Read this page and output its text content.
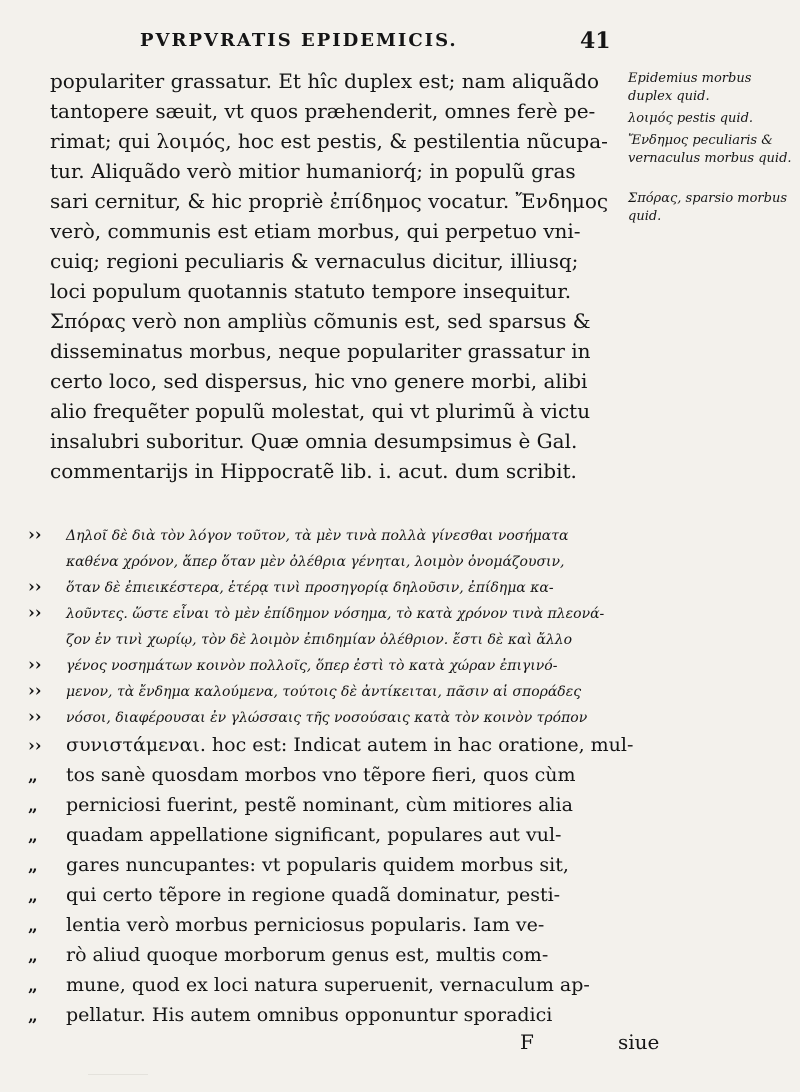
PVRPVRATIS EPIDEMICIS.	41
populariter grassatur. Et hîc duplex est; nam aliquãdo
tantopere sæuit, vt quos præhenderit, omnes ferè pe-
rimat; qui λοιμός, hoc est pestis, & pestilentia nũcupa-
tur. Aliquãdo verò mitior humaniorq́; in populũ gras
sari cernitur, & hic propriè ἐπίδημος vocatur. Ἔνδημος
verò, communis est etiam morbus, qui perpetuo vni-
cuiq; regioni peculiaris & vernaculus dicitur, illiusq;
loci populum quotannis statuto tempore insequitur.
Σπόρας verò non ampliùs cõmunis est, sed sparsus &
disseminatus morbus, neque populariter grassatur in
certo loco, sed dispersus, hic vno genere morbi, alibi
alio frequẽter populũ molestat, qui vt plurimũ à victu
insalubri suboritur. Quæ omnia desumpsimus è Gal.
commentarijs in Hippocratẽ lib. i. acut. dum scribit.
›› Δηλοῖ δὲ διὰ τὸν λόγον τοῦτον, τὰ μὲν τινὰ πολλὰ γίνεσθαι νοσήματα
καθένα χρόνον, ἅπερ ὅταν μὲν ὀλέθρια γένηται, λοιμὸν ὀνομάζουσιν,
›› ὅταν δὲ ἐπιεικέστερα, ἑτέρᾳ τινὶ προσηγορίᾳ δηλοῦσιν, ἐπίδημα κα-
›› λοῦντες. ὥστε εἶναι τὸ μὲν ἐπίδημον νόσημα, τὸ κατὰ χρόνον τινὰ πλεονά-
ζον ἐν τινὶ χωρίῳ, τὸν δὲ λοιμὸν ἐπιδημίαν ὀλέθριον. ἔστι δὲ καὶ ἄλλο
›› γένος νοσημάτων κοινὸν πολλοῖς, ὅπερ ἐστὶ τὸ κατὰ χώραν ἐπιγινό-
›› μενον, τὰ ἔνδημα καλούμενα, τούτοις δὲ ἀντίκειται, πᾶσιν αἱ σποράδες
›› νόσοι, διαφέρουσαι ἐν γλώσσαις τῆς νοσούσαις κατὰ τὸν κοινὸν τρόπον
›› συνιστάμεναι. hoc est: Indicat autem in hac oratione, mul-
„ tos sanè quosdam morbos vno tẽpore fieri, quos cùm
„ perniciosi fuerint, pestẽ nominant, cùm mitiores alia
„ quadam appellatione significant, populares aut vul-
„ gares nuncupantes: vt popularis quidem morbus sit,
„ qui certo tẽpore in regione quadã dominatur, pesti-
„ lentia verò morbus perniciosus popularis. Iam ve-
„ rò aliud quoque morborum genus est, multis com-
„ mune, quod ex loci natura superuenit, vernaculum ap-
„ pellatur. His autem omnibus opponuntur sporadici
Epidemius morbus duplex quid.
λοιμός pestis quid.
Ἔνδημος peculiaris & vernaculus morbus quid.
Σπόρας, sparsio morbus quid.
F	siue
